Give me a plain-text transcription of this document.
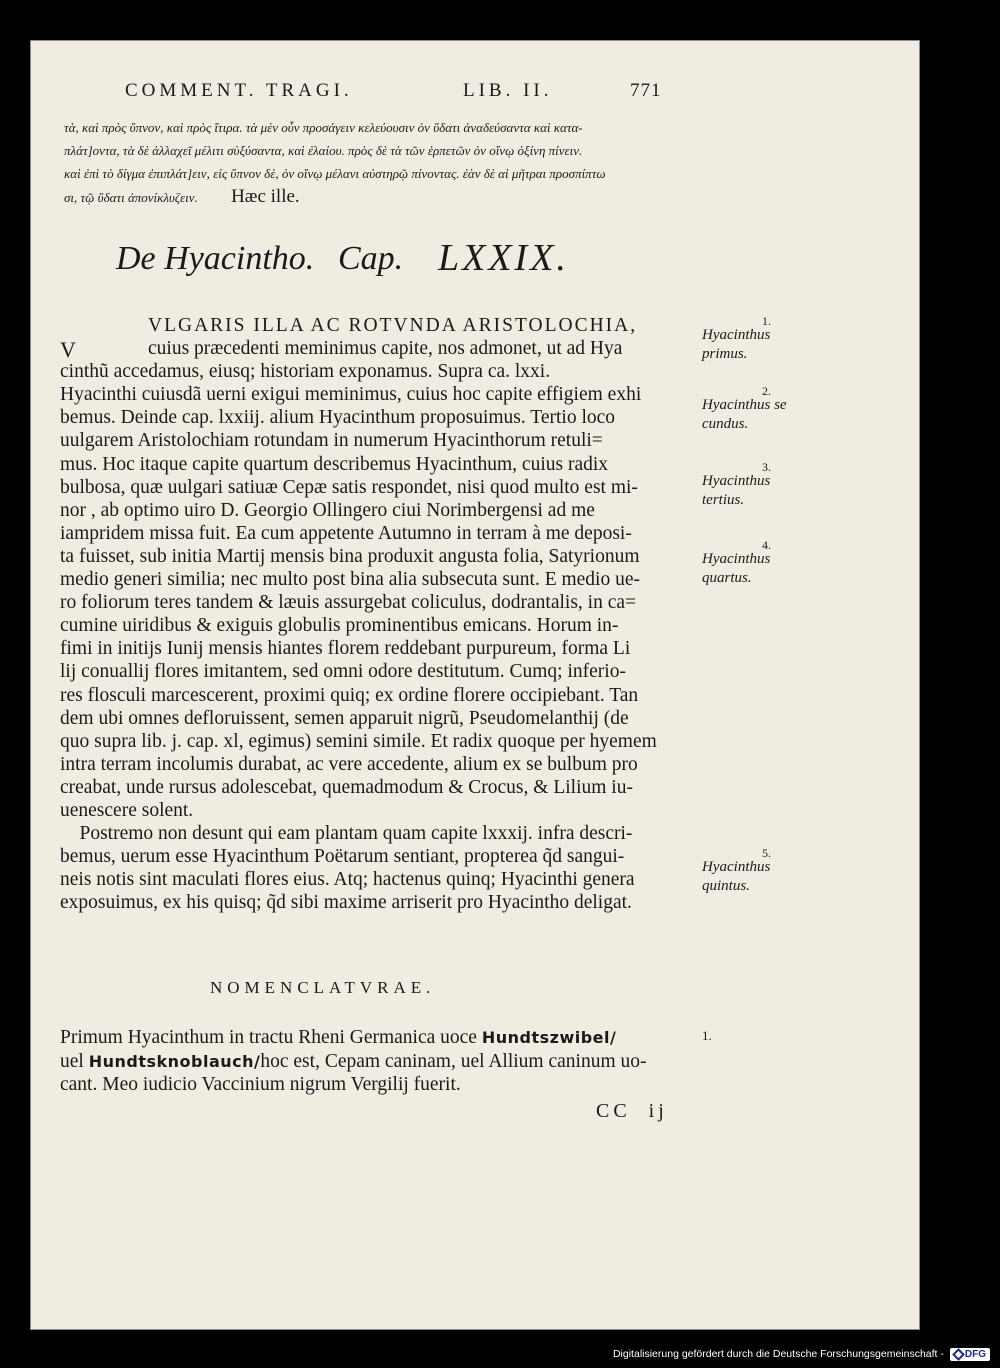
COMMENT. TRAGI.	LIB. II.	771
τὰ, καὶ πρὸς ὕπνον, καὶ πρὸς ἴτιρα. τὰ μὲν οὖν προσάγειν κελεύουσιν ὀν ὕδατι ἀναδεύσαντα καὶ κατα-
πλάτ]οντα, τὰ δὲ ἀλλαχεῖ μέλιτι σὺξύσαντα, καὶ ἐλαίου. πρὸς δὲ τὰ τῶν ἑρπετῶν ὀν οἴνῳ ὀξίνη πίνειν.
καὶ ἐπὶ τὸ δίγμα ἐπιπλάτ]ειν, εἰς ὕπνον δὲ, ὀν οἴνῳ μέλανι αὐστηρῷ πίνοντας. ἐὰν δὲ αἱ μῆτραι προσπίπτω
σι, τῷ ὕδατι ἀπονίκλυζειν. Hæc ille.
De Hyacintho. Cap. LXXIX.
V
VLGARIS ILLA AC ROTVNDA ARISTOLOCHIA,
cuius præcedenti meminimus capite, nos admonet, ut ad Hya
cinthũ accedamus, eiusq; historiam exponamus. Supra ca. lxxi.
Hyacinthi cuiusdã uerni exigui meminimus, cuius hoc capite effigiem exhi
bemus. Deinde cap. lxxiij. alium Hyacinthum proposuimus. Tertio loco
uulgarem Aristolochiam rotundam in numerum Hyacinthorum retuli=
mus. Hoc itaque capite quartum describemus Hyacinthum, cuius radix
bulbosa, quæ uulgari satiuæ Cepæ satis respondet, nisi quod multo est mi-
nor , ab optimo uiro D. Georgio Ollingero ciui Norimbergensi ad me
iampridem missa fuit. Ea cum appetente Autumno in terram à me deposi-
ta fuisset, sub initia Martij mensis bina produxit angusta folia, Satyrionum
medio generi similia; nec multo post bina alia subsecuta sunt. E medio ue-
ro foliorum teres tandem & læuis assurgebat coliculus, dodrantalis, in ca=
cumine uiridibus & exiguis globulis prominentibus emicans. Horum in-
fimi in initijs Iunij mensis hiantes florem reddebant purpureum, forma Li
lij conuallij flores imitantem, sed omni odore destitutum. Cumq; inferio-
res flosculi marcescerent, proximi quiq; ex ordine florere occipiebant. Tan
dem ubi omnes defloruissent, semen apparuit nigrũ, Pseudomelanthij (de
quo supra lib. j. cap. xl, egimus) semini simile. Et radix quoque per hyemem
intra terram incolumis durabat, ac vere accedente, alium ex se bulbum pro
creabat, unde rursus adolescebat, quemadmodum & Crocus, & Lilium iu-
uenescere solent.
Postremo non desunt qui eam plantam quam capite lxxxij. infra descri-
bemus, uerum esse Hyacinthum Poëtarum sentiant, propterea q̃d sangui-
neis notis sint maculati flores eius. Atq; hactenus quinq; Hyacinthi genera
exposuimus, ex his quisq; q̃d sibi maxime arriserit pro Hyacintho deligat.
1.
Hyacinthus
primus.
2.
Hyacinthus se
cundus.
3.
Hyacinthus
tertius.
4.
Hyacinthus
quartus.
5.
Hyacinthus
quintus.
NOMENCLATVRAE.
Primum Hyacinthum in tractu Rheni Germanica uoce Hundtszwibel/
uel Hundtsknoblauch/hoc est, Cepam caninam, uel Allium caninum uo-
cant. Meo iudicio Vaccinium nigrum Vergilij fuerit.
1.
CC  ij
Digitalisierung gefördert durch die Deutsche Forschungsgemeinschaft - DFG
